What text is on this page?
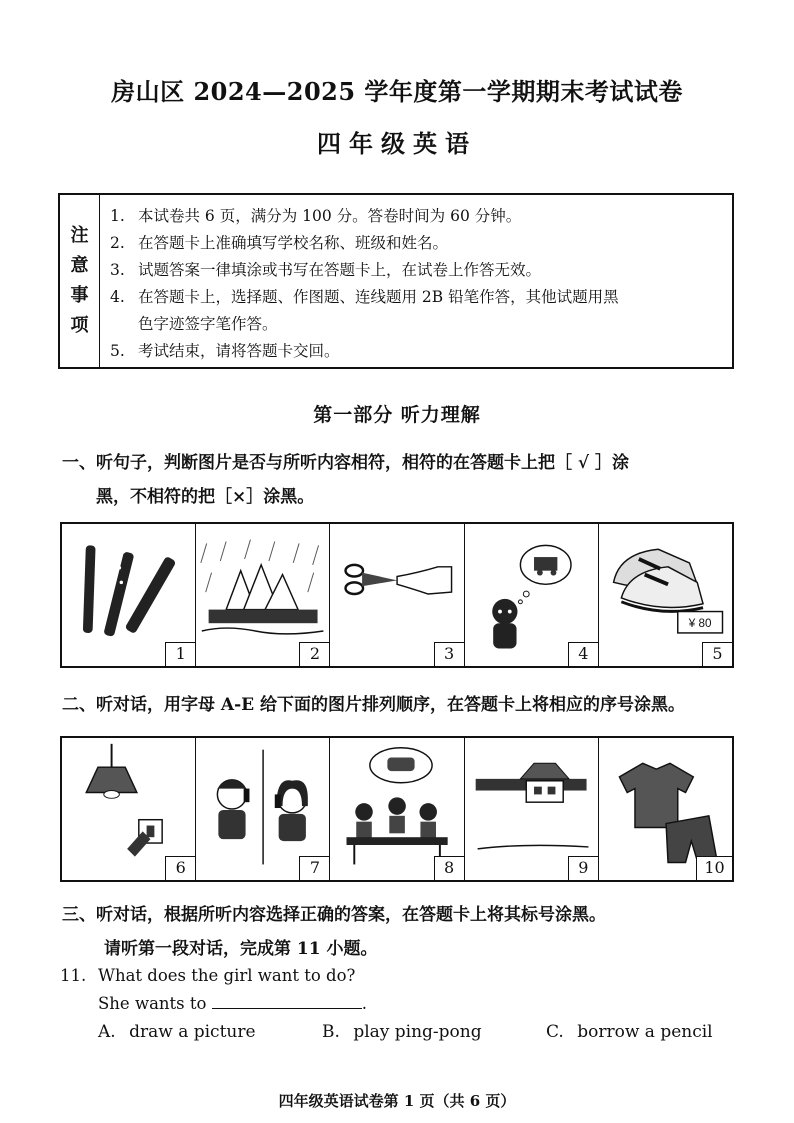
房山区 2024—2025 学年度第一学期期末考试试卷
四年级英语
注
意
事
项
1. 本试卷共 6 页，满分为 100 分。答卷时间为 60 分钟。
2. 在答题卡上准确填写学校名称、班级和姓名。
3. 试题答案一律填涂或书写在答题卡上，在试卷上作答无效。
4. 在答题卡上，选择题、作图题、连线题用 2B 铅笔作答，其他试题用黑
色字迹签字笔作答。
5. 考试结束，请将答题卡交回。
第一部分 听力理解
一、听句子，判断图片是否与所听内容相符，相符的在答题卡上把［ √ ］涂
黑，不相符的把［×］涂黑。
1	2	3	4
¥ 80
5
二、听对话，用字母 A-E 给下面的图片排列顺序，在答题卡上将相应的序号涂黑。
6	7	8	9	10
三、听对话，根据所听内容选择正确的答案，在答题卡上将其标号涂黑。
请听第一段对话，完成第 11 小题。
11. What does the girl want to do?
She wants to	.
A. draw a picture	B. play ping-pong	C. borrow a pencil
四年级英语试卷第 1 页（共 6 页）
